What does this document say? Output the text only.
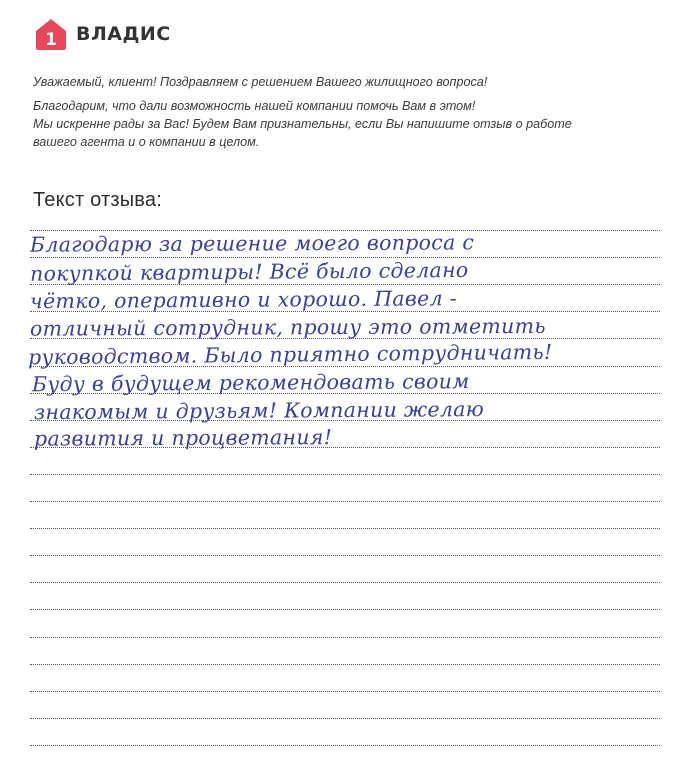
1 ВЛАДИС

Уважаемый, клиент! Поздравляем с решением Вашего жилищного вопроса!

Благодарим, что дали возможность нашей компании помочь Вам в этом!

Мы искренне рады за Вас! Будем Вам признательны, если Вы напишите отзыв о работе

вашего агента и о компании в целом.

Текст отзыва:
Благодарю за решение моего вопроса с
покупкой квартиры! Всё было сделано
чётко, оперативно и хорошо. Павел -
отличный сотрудник, прошу это отметить
руководством. Было приятно сотрудничать!
Буду в будущем рекомендовать своим
знакомым и друзьям! Компании желаю
развития и процветания!
